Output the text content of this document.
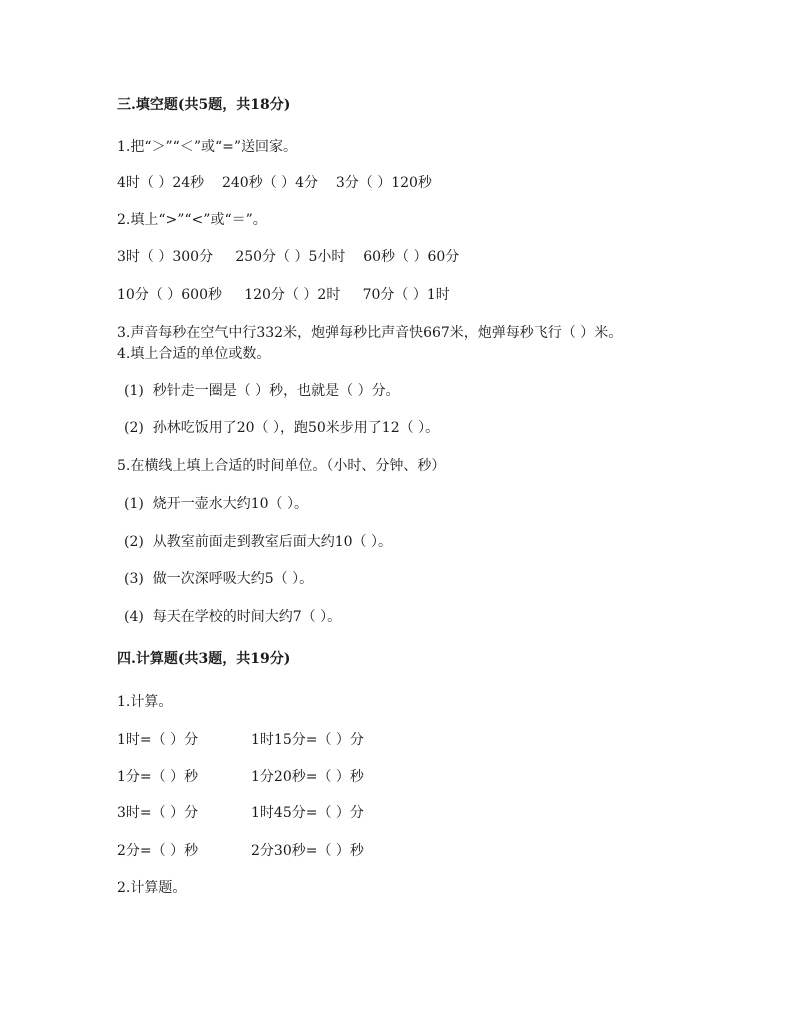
三.填空题(共5题，共18分)
1.把“＞”“＜”或“=”送回家。
4时（ ）24秒    240秒（ ）4分    3分（ ）120秒
2.填上“>”“<”或“＝”。
3时（ ）300分     250分（ ）5小时    60秒（ ）60分
10分（ ）600秒     120分（ ）2时     70分（ ）1时
3.声音每秒在空气中行332米，炮弹每秒比声音快667米，炮弹每秒飞行（ ）米。
4.填上合适的单位或数。
(1)  秒针走一圈是（ ）秒，也就是（ ）分。
(2)  孙林吃饭用了20（ ），跑50米步用了12（ ）。
5.在横线上填上合适的时间单位。（小时、分钟、秒）
(1)  烧开一壶水大约10（ ）。
(2)  从教室前面走到教室后面大约10（ ）。
(3)  做一次深呼吸大约5（ ）。
(4)  每天在学校的时间大约7（ ）。
四.计算题(共3题，共19分)
1.计算。
1时=（ ）分	1时15分=（ ）分
1分=（ ）秒	1分20秒=（ ）秒
3时=（ ）分	1时45分=（ ）分
2分=（ ）秒	2分30秒=（ ）秒
2.计算题。
